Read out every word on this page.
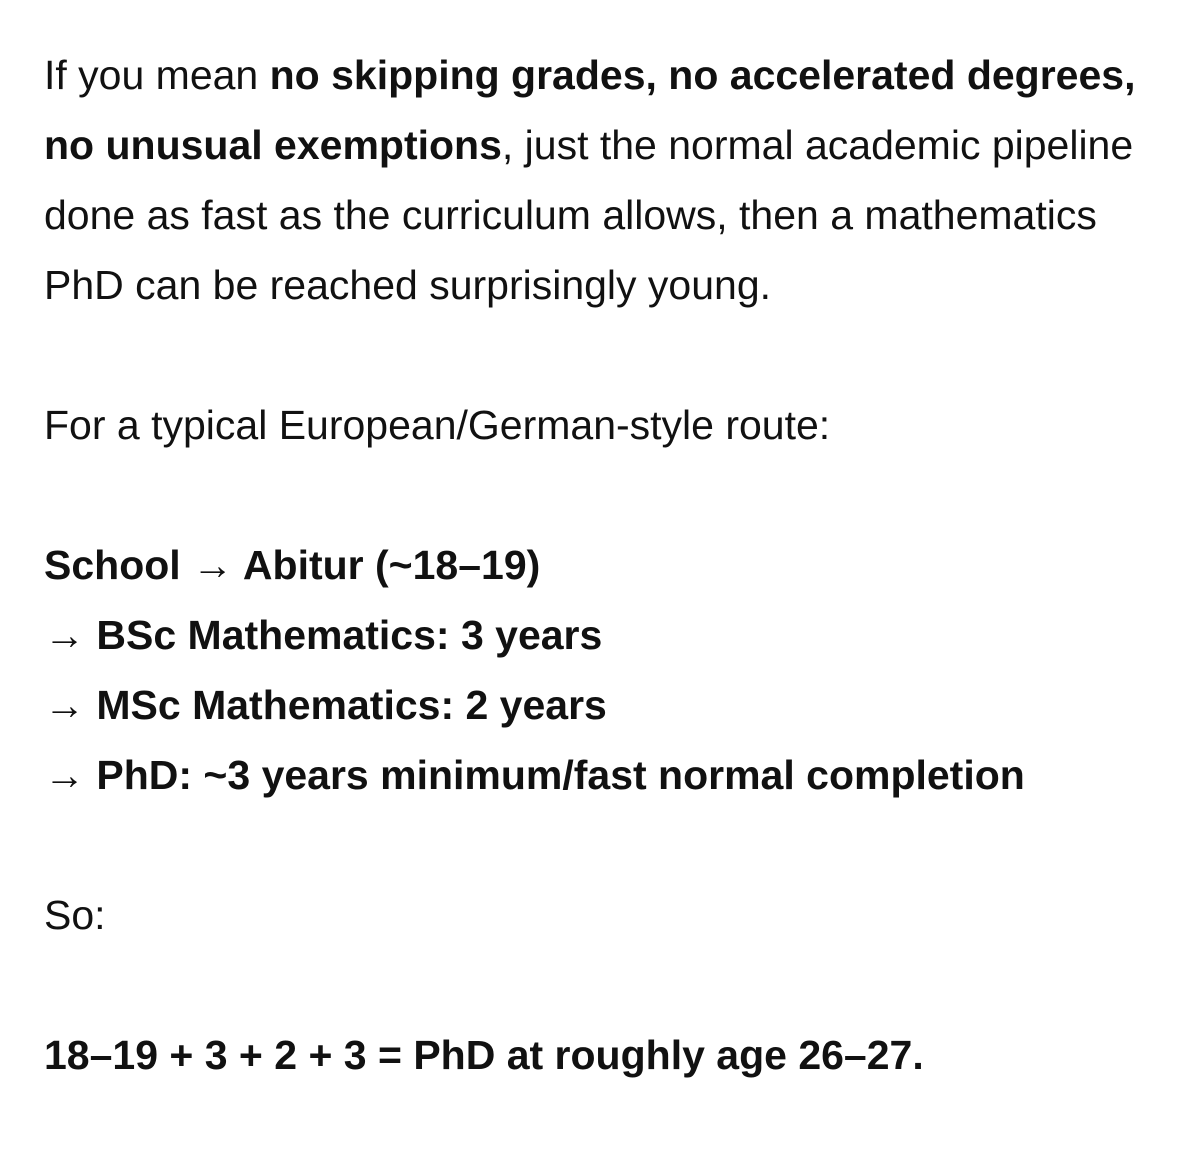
If you mean no skipping grades, no accelerated degrees, no unusual exemptions, just the normal academic pipeline done as fast as the curriculum allows, then a mathematics PhD can be reached surprisingly young.

For a typical European/German-style route:

School → Abitur (~18–19)
→ BSc Mathematics: 3 years
→ MSc Mathematics: 2 years
→ PhD: ~3 years minimum/fast normal completion

So:

18–19 + 3 + 2 + 3 = PhD at roughly age 26–27.
